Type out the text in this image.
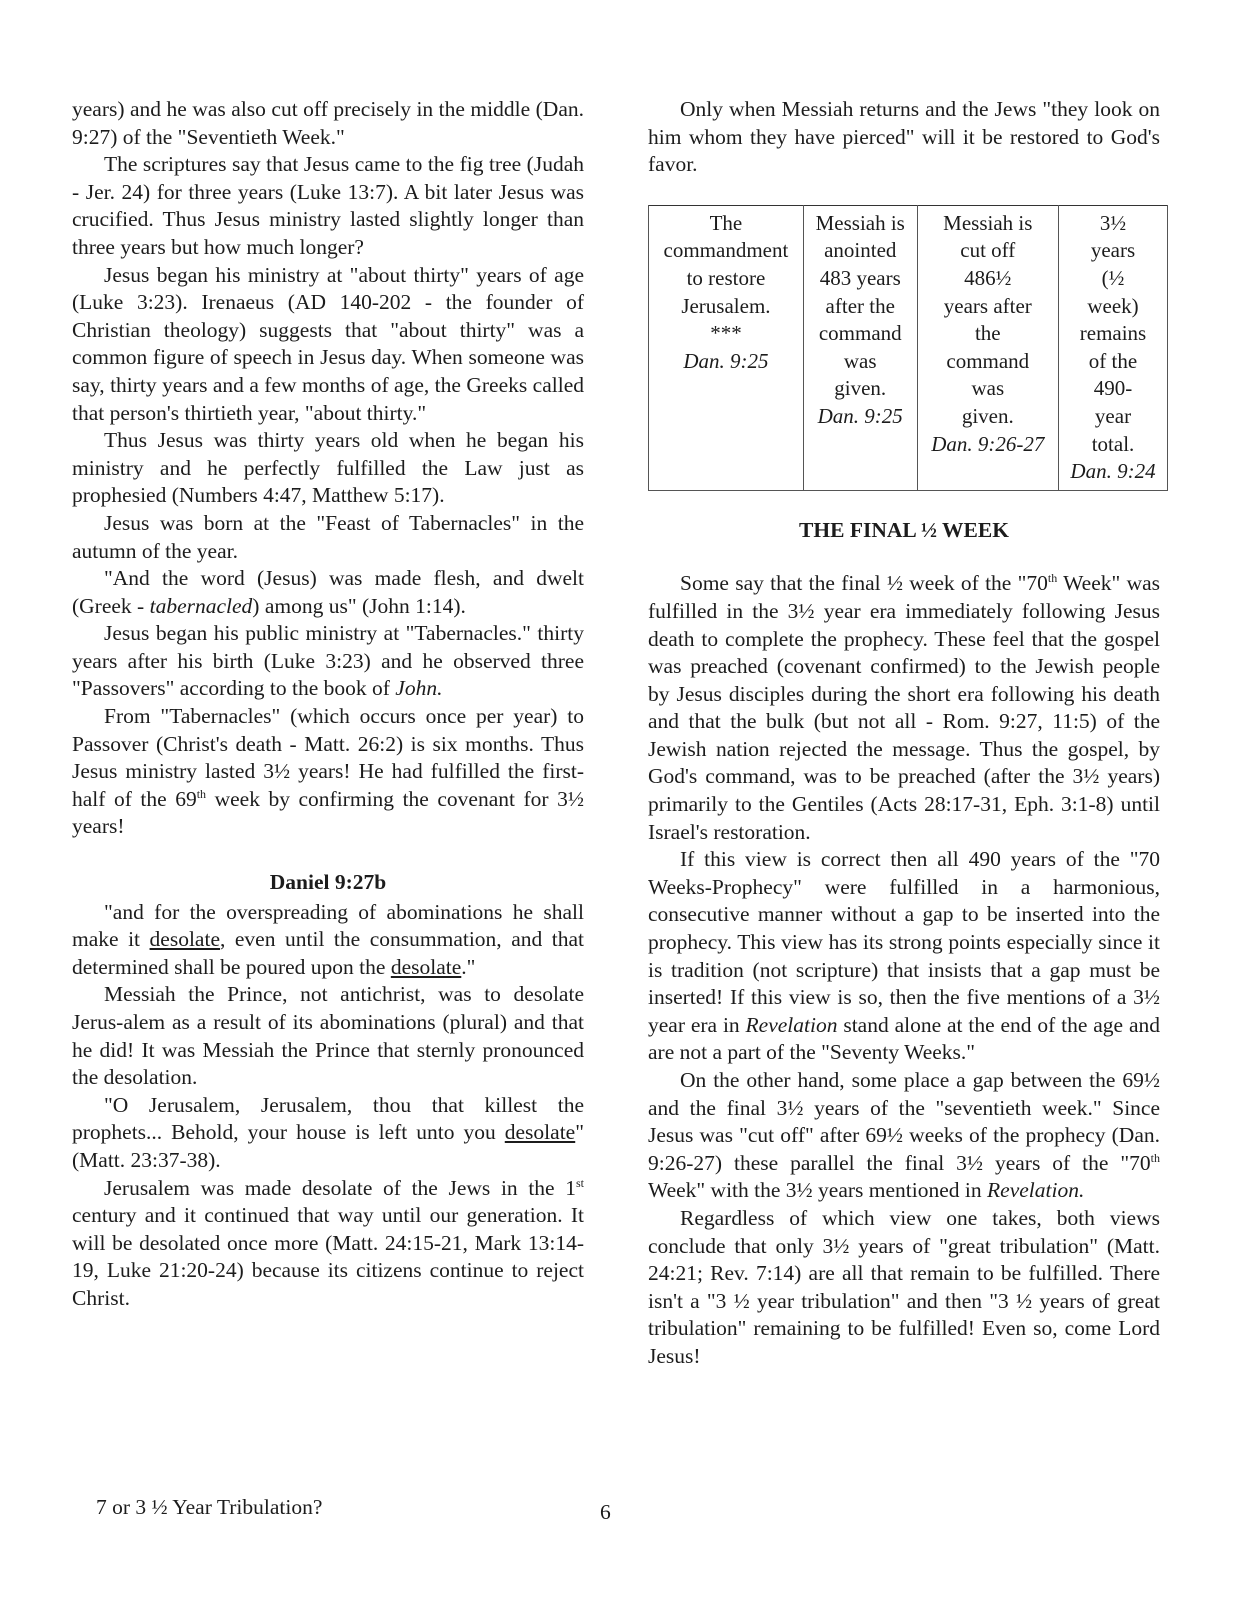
years) and he was also cut off precisely in the middle (Dan. 9:27) of the "Seventieth Week."

The scriptures say that Jesus came to the fig tree (Judah - Jer. 24) for three years (Luke 13:7). A bit later Jesus was crucified. Thus Jesus ministry lasted slightly longer than three years but how much longer?

Jesus began his ministry at "about thirty" years of age (Luke 3:23). Irenaeus (AD 140-202 - the founder of Christian theology) suggests that "about thirty" was a common figure of speech in Jesus day. When someone was say, thirty years and a few months of age, the Greeks called that person's thirtieth year, "about thirty."

Thus Jesus was thirty years old when he began his ministry and he perfectly fulfilled the Law just as prophesied (Numbers 4:47, Matthew 5:17).

Jesus was born at the "Feast of Tabernacles" in the autumn of the year.

"And the word (Jesus) was made flesh, and dwelt (Greek - tabernacled) among us" (John 1:14).

Jesus began his public ministry at "Tabernacles." thirty years after his birth (Luke 3:23) and he observed three "Passovers" according to the book of John.

From "Tabernacles" (which occurs once per year) to Passover (Christ's death - Matt. 26:2) is six months. Thus Jesus ministry lasted 3½ years! He had fulfilled the first-half of the 69th week by confirming the covenant for 3½ years!

Daniel 9:27b

"and for the overspreading of abominations he shall make it desolate, even until the consummation, and that determined shall be poured upon the desolate."

Messiah the Prince, not antichrist, was to desolate Jerus-alem as a result of its abominations (plural) and that he did! It was Messiah the Prince that sternly pronounced the desolation.

"O Jerusalem, Jerusalem, thou that killest the prophets... Behold, your house is left unto you desolate" (Matt. 23:37-38).

Jerusalem was made desolate of the Jews in the 1st century and it continued that way until our generation. It will be desolated once more (Matt. 24:15-21, Mark 13:14-19, Luke 21:20-24) because its citizens continue to reject Christ.

Only when Messiah returns and the Jews "they look on him whom they have pierced" will it be restored to God's favor.

The
commandment
to restore
Jerusalem.
***
Dan. 9:25

Messiah is
anointed
483 years
after the
command
was
given.
Dan. 9:25

Messiah is
cut off
486½
years after
the
command
was
given.
Dan. 9:26-27

3½
years
(½
week)
remains
of the
490-
year
total.
Dan. 9:24
THE FINAL ½ WEEK

Some say that the final ½ week of the "70th Week" was fulfilled in the 3½ year era immediately following Jesus death to complete the prophecy. These feel that the gospel was preached (covenant confirmed) to the Jewish people by Jesus disciples during the short era following his death and that the bulk (but not all - Rom. 9:27, 11:5) of the Jewish nation rejected the message. Thus the gospel, by God's command, was to be preached (after the 3½ years) primarily to the Gentiles (Acts 28:17-31, Eph. 3:1-8) until Israel's restoration.

If this view is correct then all 490 years of the "70 Weeks-Prophecy" were fulfilled in a harmonious, consecutive manner without a gap to be inserted into the prophecy. This view has its strong points especially since it is tradition (not scripture) that insists that a gap must be inserted! If this view is so, then the five mentions of a 3½ year era in Revelation stand alone at the end of the age and are not a part of the "Seventy Weeks."

On the other hand, some place a gap between the 69½ and the final 3½ years of the "seventieth week." Since Jesus was "cut off" after 69½ weeks of the prophecy (Dan. 9:26-27) these parallel the final 3½ years of the "70th Week" with the 3½ years mentioned in Revelation.

Regardless of which view one takes, both views conclude that only 3½ years of "great tribulation" (Matt. 24:21; Rev. 7:14) are all that remain to be fulfilled. There isn't a "3 ½ year tribulation" and then "3 ½ years of great tribulation" remaining to be fulfilled! Even so, come Lord Jesus!

7 or 3 ½ Year Tribulation?	6
